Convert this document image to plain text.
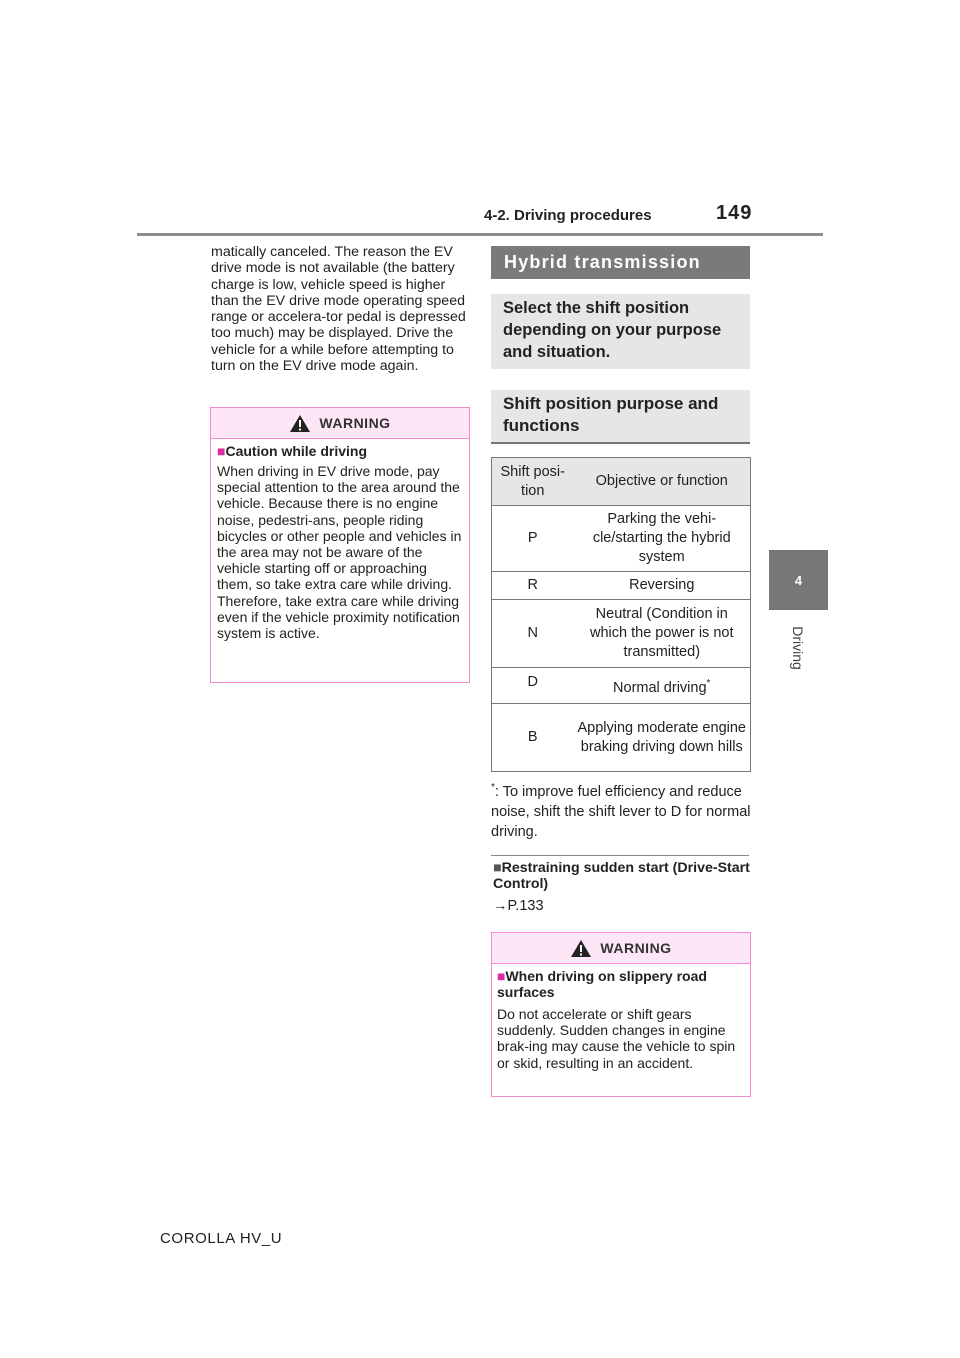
4-2. Driving procedures	149
4
Driving
matically canceled. The reason the EV drive mode is not available (the battery charge is low, vehicle speed is higher than the EV drive mode operating speed range or accelera-tor pedal is depressed too much) may be displayed. Drive the vehicle for a while before attempting to turn on the EV drive mode again.
WARNING
■Caution while driving
When driving in EV drive mode, pay special attention to the area around the vehicle. Because there is no engine noise, pedestri-ans, people riding bicycles or other people and vehicles in the area may not be aware of the vehicle starting off or approaching them, so take extra care while driving. Therefore, take extra care while driving even if the vehicle proximity notification system is active.
Hybrid transmission
Select the shift position depending on your purpose and situation.
Shift position purpose and functions
Shift posi-tion	Objective or function
P	Parking the vehi-cle/starting the hybrid system
R	Reversing
N	Neutral (Condition in which the power is not transmitted)
D	Normal driving*
B	Applying moderate engine braking driving down hills
*: To improve fuel efficiency and reduce noise, shift the shift lever to D for normal driving.
■Restraining sudden start (Drive-Start Control)
→P.133
WARNING
■When driving on slippery road surfaces
Do not accelerate or shift gears suddenly. Sudden changes in engine brak-ing may cause the vehicle to spin or skid, resulting in an accident.
COROLLA HV_U
